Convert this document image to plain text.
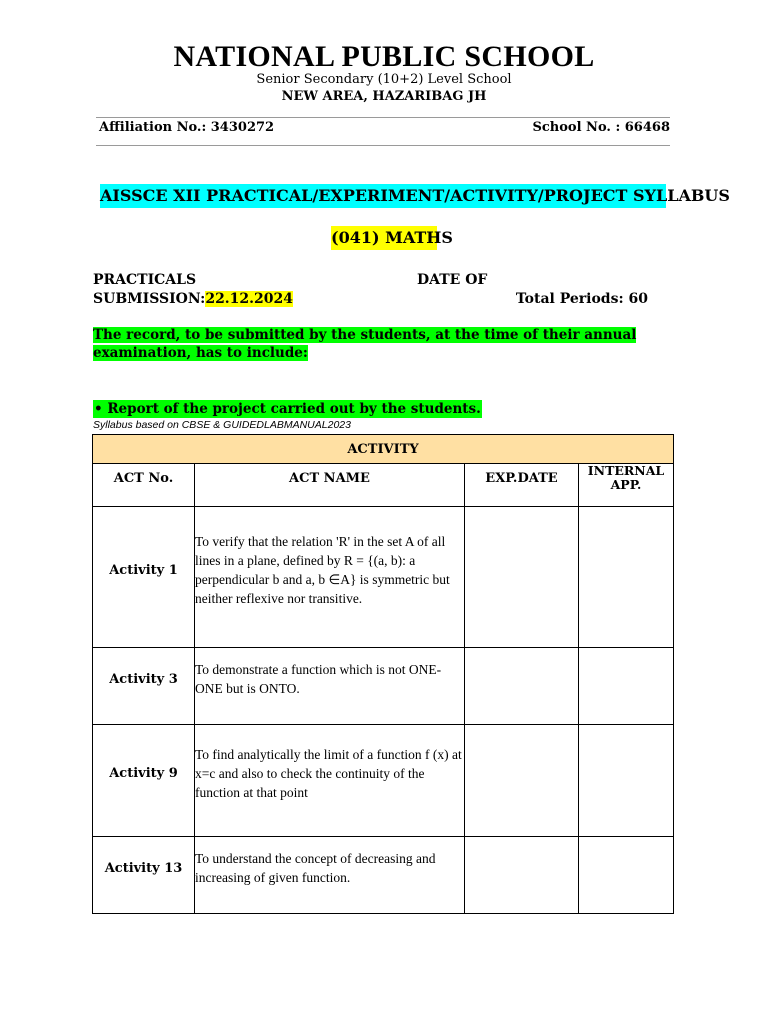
NATIONAL PUBLIC SCHOOL
Senior Secondary (10+2) Level School
NEW AREA, HAZARIBAG JH
Affiliation No.: 3430272	School No. : 66468
AISSCE XII PRACTICAL/EXPERIMENT/ACTIVITY/PROJECT SYLLABUS
(041) MATHS
PRACTICALS	DATE OF
SUBMISSION:22.12.2024	Total Periods: 60
The record, to be submitted by the students, at the time of their annual
examination, has to include:
• Report of the project carried out by the students.
Syllabus based on CBSE & GUIDEDLABMANUAL2023
ACTIVITY			

ACT No.	ACT NAME	EXP.DATE	INTERNAL APP.

Activity 1	To verify that the relation 'R' in the set A of all lines in a plane, defined by R = {(a, b): a perpendicular b and a, b ∈A} is symmetric but neither reflexive nor transitive.		

Activity 3	To demonstrate a function which is not ONE-ONE but is ONTO.		

Activity 9	To find analytically the limit of a function f (x) at x=c and also to check the continuity of the function at that point		

Activity 13	To understand the concept of decreasing and increasing of given function.		
